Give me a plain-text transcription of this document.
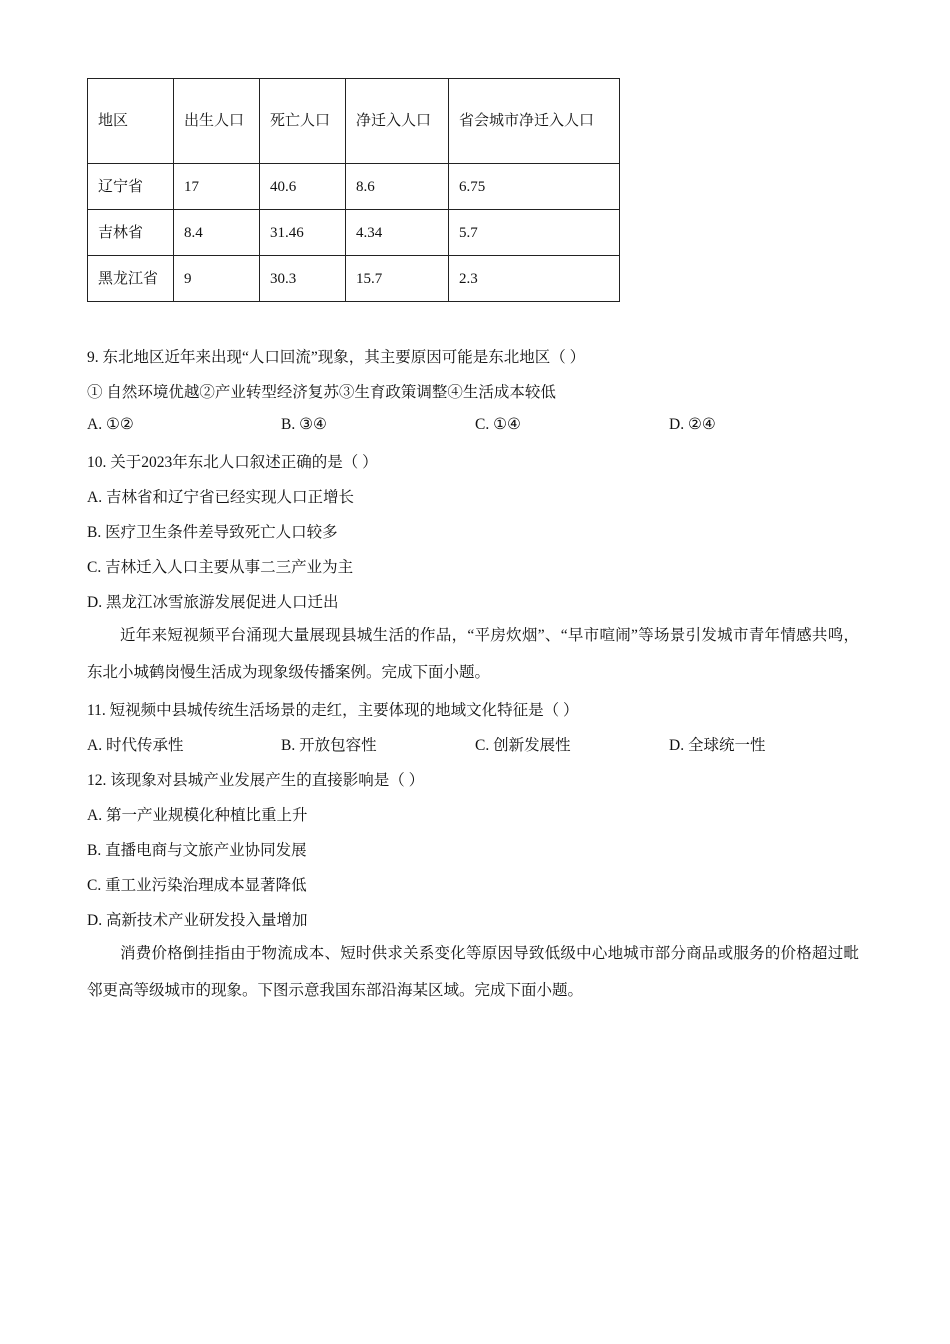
地区	出生人口	死亡人口	净迁入人口	省会城市净迁入人口
辽宁省	17	40.6	8.6	6.75
吉林省	8.4	31.46	4.34	5.7
黑龙江省	9	30.3	15.7	2.3
9. 东北地区近年来出现“人口回流”现象，其主要原因可能是东北地区（ ）
① 自然环境优越②产业转型经济复苏③生育政策调整④生活成本较低
A. ①②	B. ③④	C. ①④	D. ②④
10. 关于2023年东北人口叙述正确的是（ ）
A. 吉林省和辽宁省已经实现人口正增长
B. 医疗卫生条件差导致死亡人口较多
C. 吉林迁入人口主要从事二三产业为主
D. 黑龙江冰雪旅游发展促进人口迁出
近年来短视频平台涌现大量展现县城生活的作品，“平房炊烟”、“早市喧闹”等场景引发城市青年情感共鸣，东北小城鹤岗慢生活成为现象级传播案例。完成下面小题。
11. 短视频中县城传统生活场景的走红，主要体现的地域文化特征是（ ）
A. 时代传承性	B. 开放包容性	C. 创新发展性	D. 全球统一性
12. 该现象对县城产业发展产生的直接影响是（ ）
A. 第一产业规模化种植比重上升
B. 直播电商与文旅产业协同发展
C. 重工业污染治理成本显著降低
D. 高新技术产业研发投入量增加
消费价格倒挂指由于物流成本、短时供求关系变化等原因导致低级中心地城市部分商品或服务的价格超过毗邻更高等级城市的现象。下图示意我国东部沿海某区域。完成下面小题。
